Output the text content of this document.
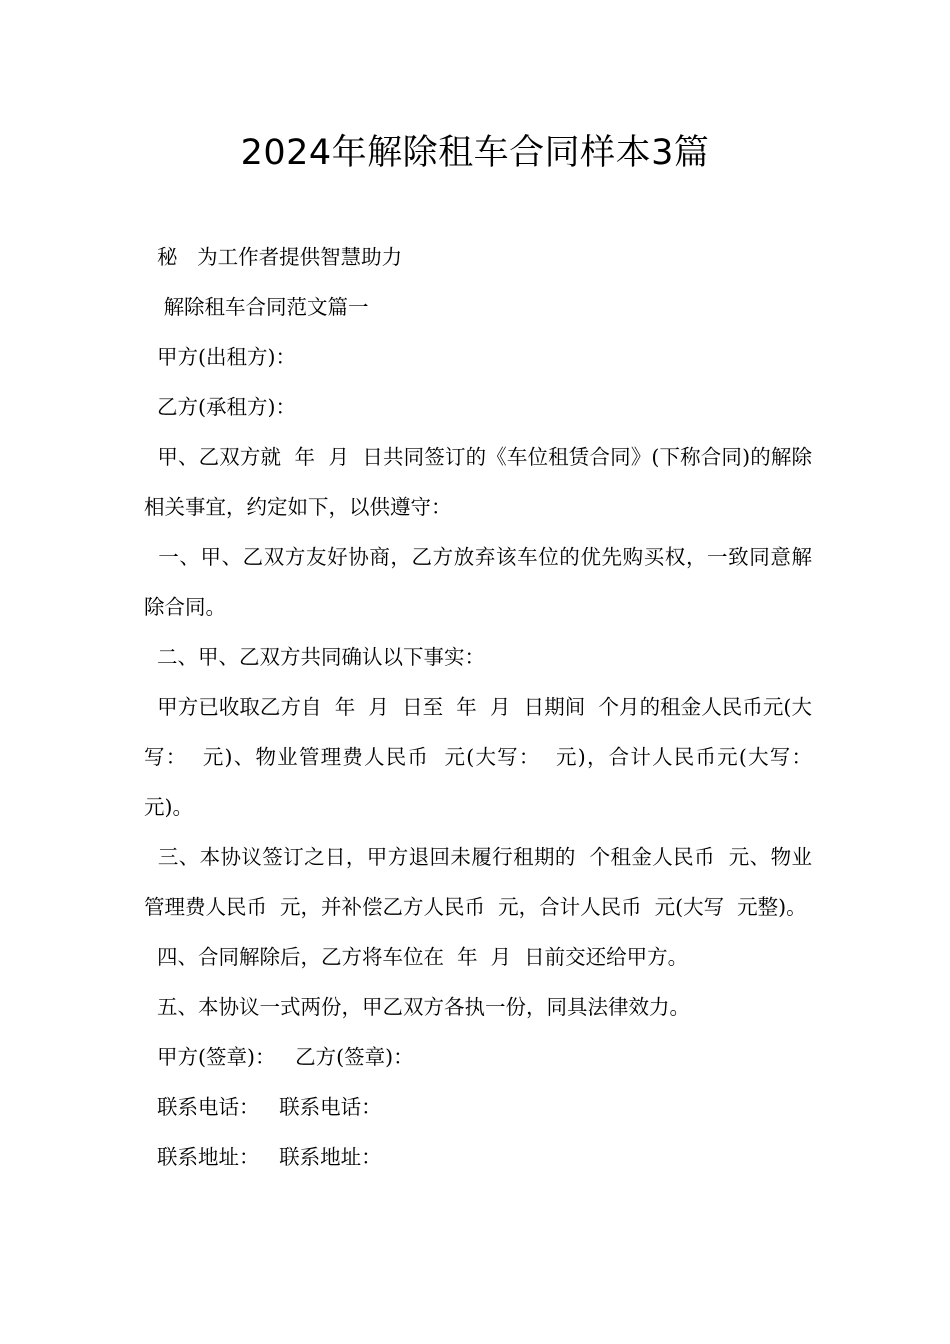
2024年解除租车合同样本3篇

秘   为工作者提供智慧助力

解除租车合同范文篇一

甲方(出租方)：

乙方(承租方)：

甲、乙双方就  年  月  日共同签订的《车位租赁合同》(下称合同)的解除相关事宜，约定如下，以供遵守：

一、甲、乙双方友好协商，乙方放弃该车位的优先购买权，一致同意解除合同。

二、甲、乙双方共同确认以下事实：

甲方已收取乙方自  年  月  日至  年  月  日期间  个月的租金人民币元(大写：  元)、物业管理费人民币  元(大写：  元)，合计人民币元(大写：  元)。

三、本协议签订之日，甲方退回未履行租期的  个租金人民币  元、物业管理费人民币  元，并补偿乙方人民币  元，合计人民币  元(大写  元整)。

四、合同解除后，乙方将车位在  年  月  日前交还给甲方。

五、本协议一式两份，甲乙双方各执一份，同具法律效力。

甲方(签章)：   乙方(签章)：

联系电话：   联系电话：

联系地址：   联系地址：
